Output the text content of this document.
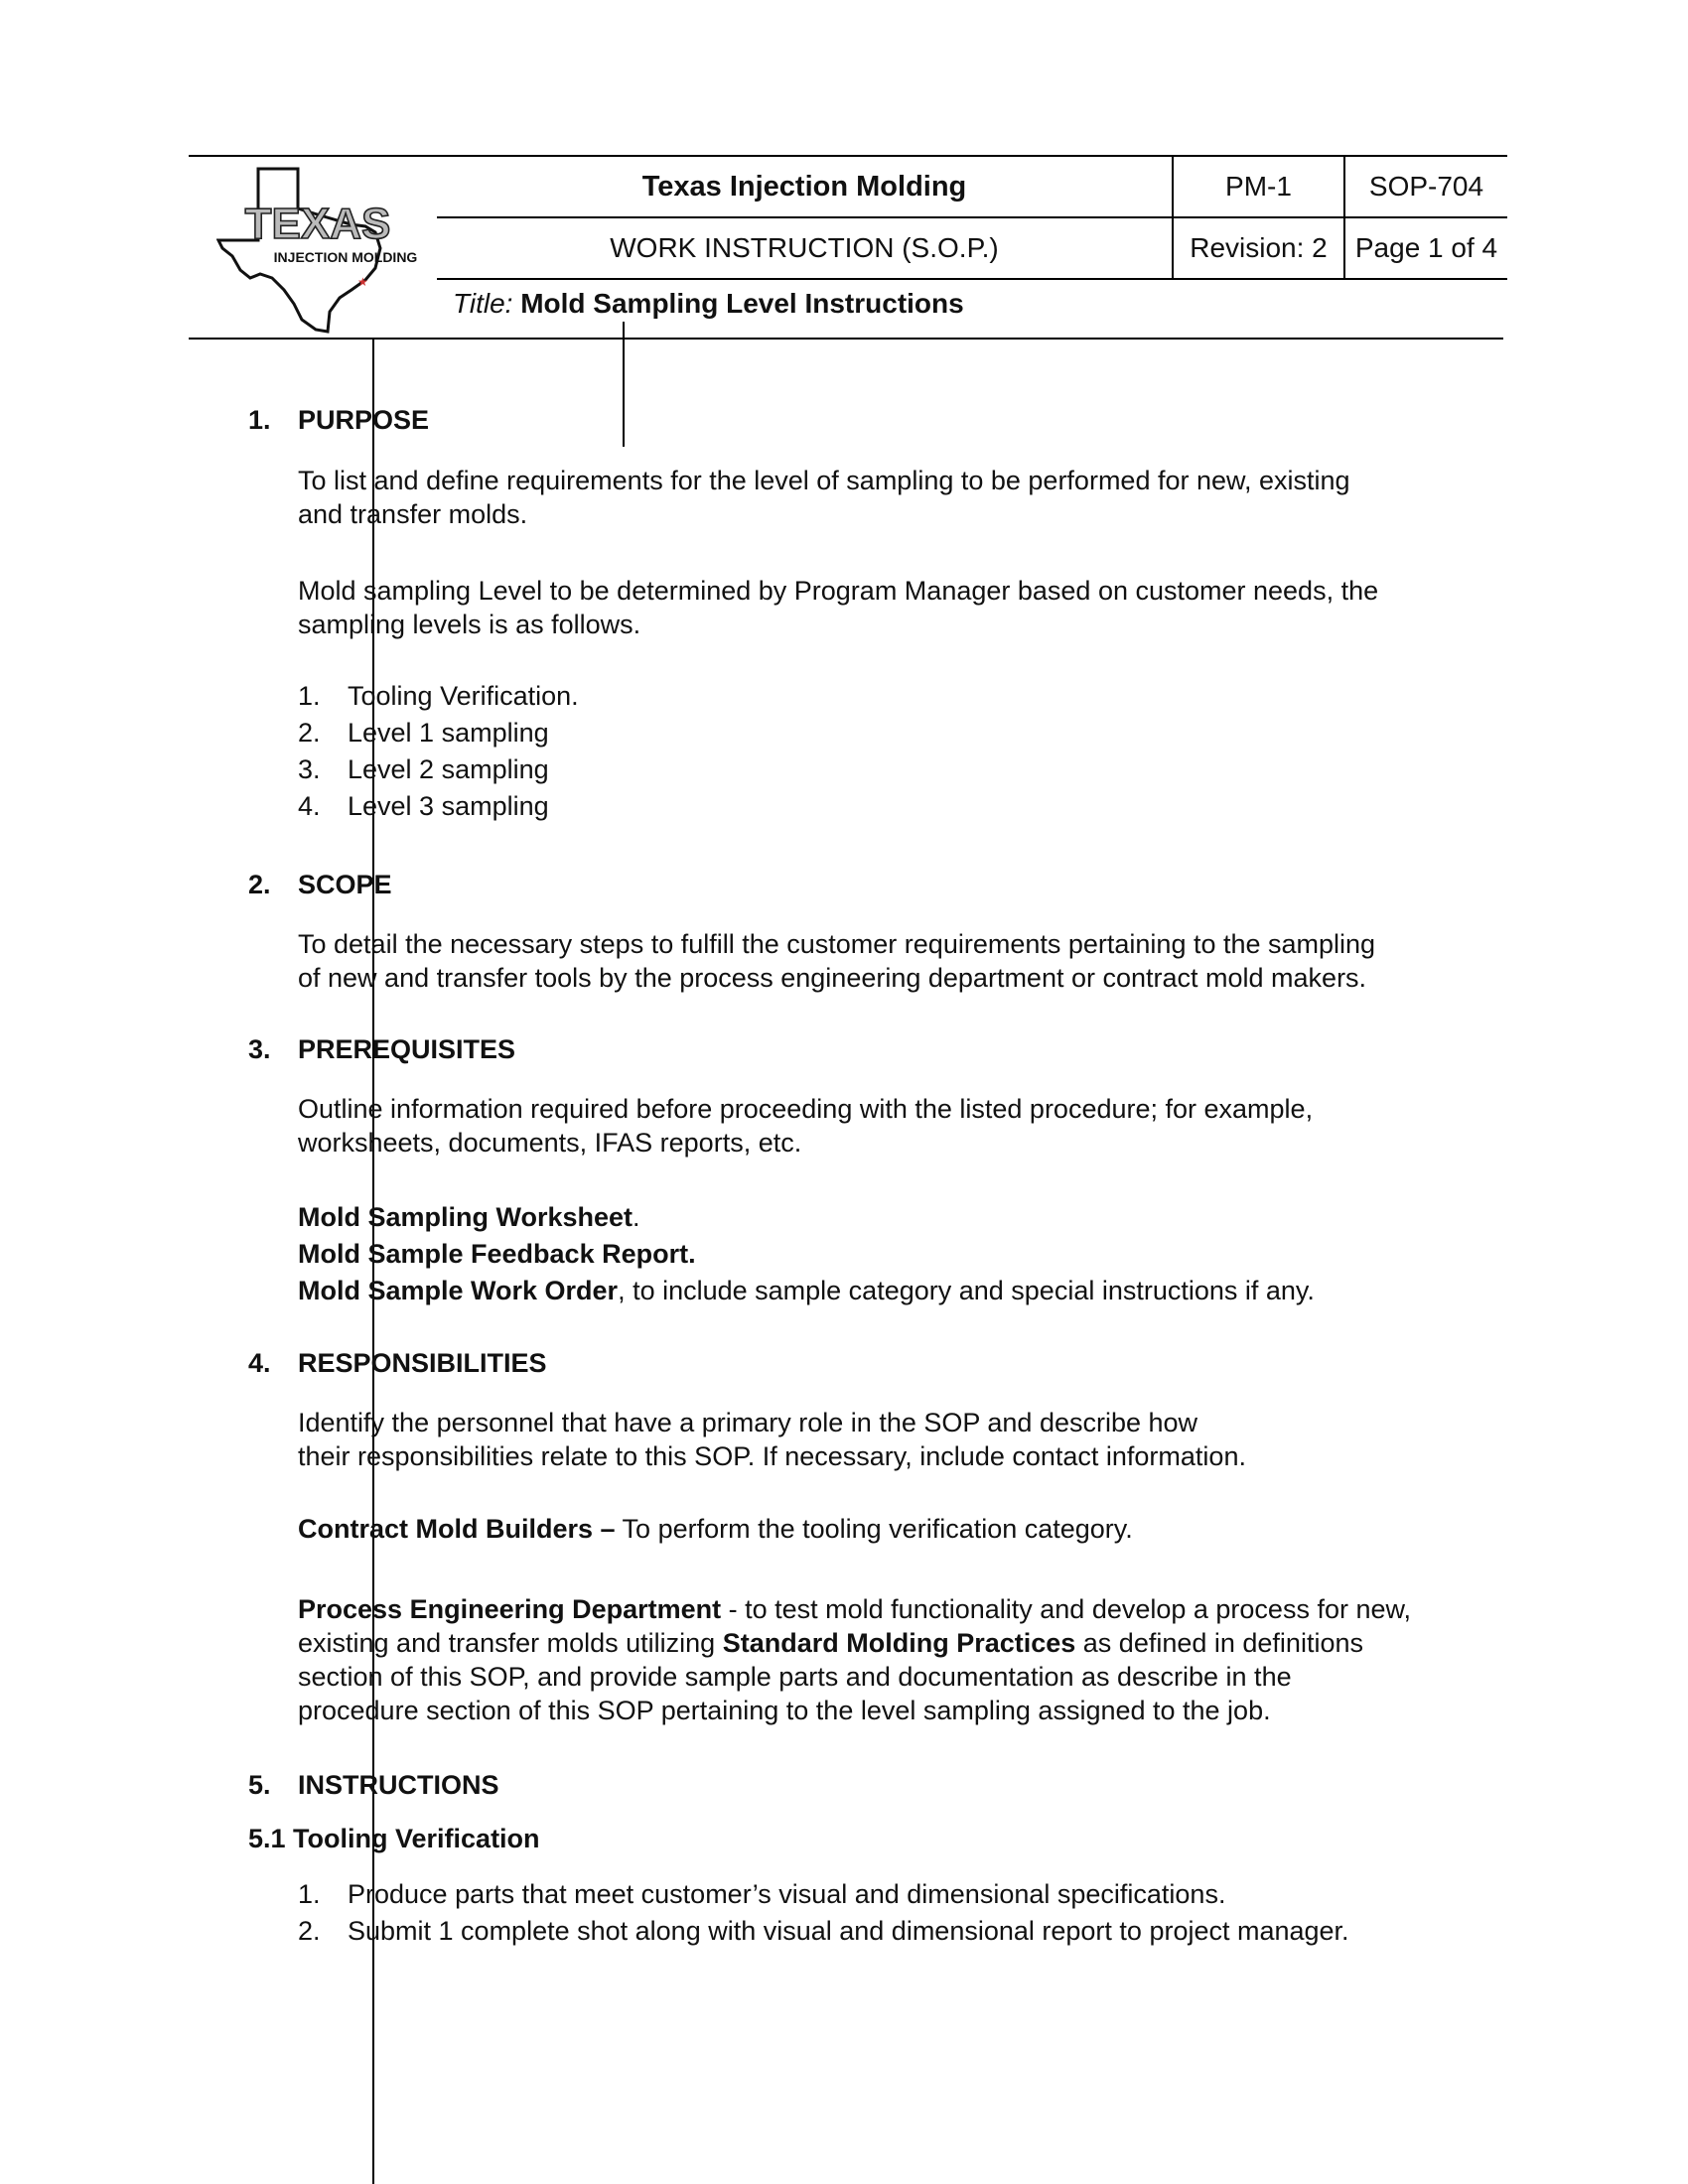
TEXAS
INJECTION MOLDING
★
Texas Injection Molding	PM-1	SOP-704
WORK INSTRUCTION (S.O.P.)	Revision: 2	Page 1 of 4
Title: Mold Sampling Level Instructions
1. PURPOSE
To list and define requirements for the level of sampling to be performed for new, existing
and transfer molds.
Mold sampling Level to be determined by Program Manager based on customer needs, the
sampling levels is as follows.
1. Tooling Verification.
2. Level 1 sampling
3. Level 2 sampling
4. Level 3 sampling
2. SCOPE
To detail the necessary steps to fulfill the customer requirements pertaining to the sampling
of new and transfer tools by the process engineering department or contract mold makers.
3. PREREQUISITES
Outline information required before proceeding with the listed procedure; for example,
worksheets, documents, IFAS reports, etc.
Mold Sampling Worksheet.
Mold Sample Feedback Report.
Mold Sample Work Order, to include sample category and special instructions if any.
4. RESPONSIBILITIES
Identify the personnel that have a primary role in the SOP and describe how
their responsibilities relate to this SOP. If necessary, include contact information.
Contract Mold Builders – To perform the tooling verification category.
Process Engineering Department - to test mold functionality and develop a process for new,
existing and transfer molds utilizing Standard Molding Practices as defined in definitions
section of this SOP, and provide sample parts and documentation as describe in the
procedure section of this SOP pertaining to the level sampling assigned to the job.
5. INSTRUCTIONS
5.1 Tooling Verification
1. Produce parts that meet customer’s visual and dimensional specifications.
2. Submit 1 complete shot along with visual and dimensional report to project manager.
